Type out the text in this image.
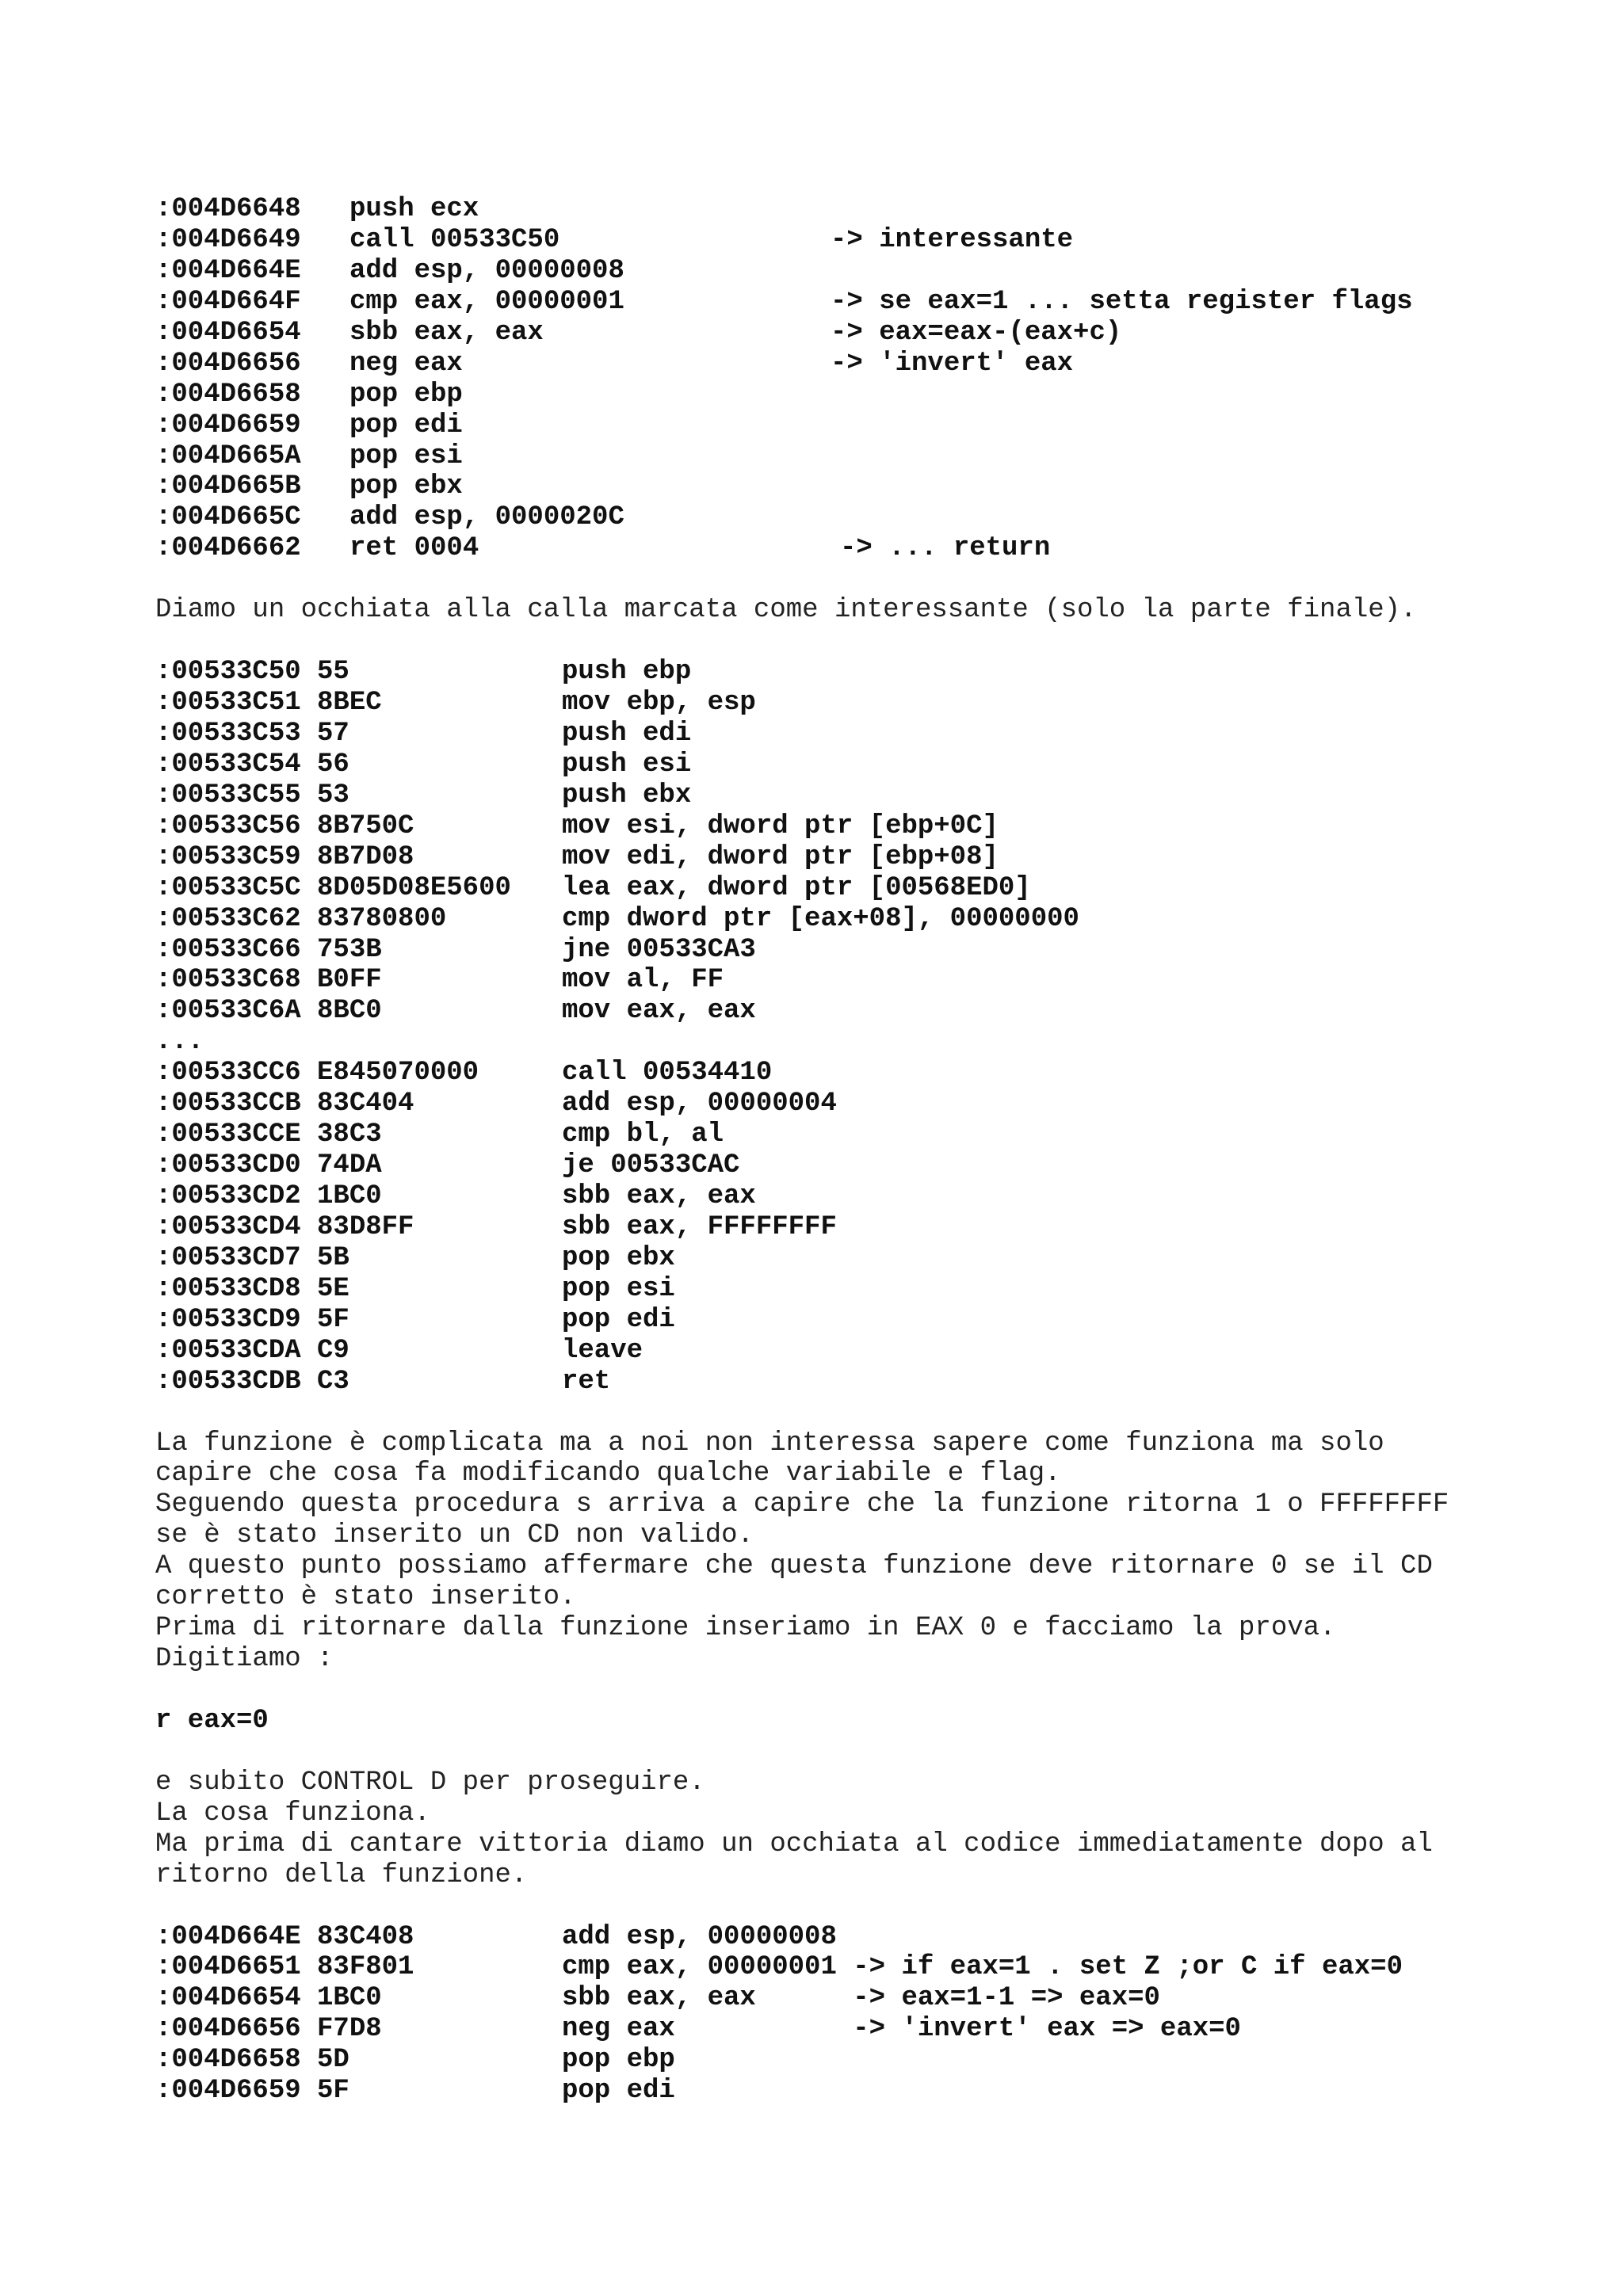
:004D6648 push ecx
:004D6649 call 00533C50	-> interessante
:004D664E add esp, 00000008
:004D664F cmp eax, 00000001	-> se eax=1 ... setta register flags
:004D6654 sbb eax, eax	-> eax=eax-(eax+c)
:004D6656 neg eax	-> 'invert' eax
:004D6658 pop ebp
:004D6659 pop edi
:004D665A pop esi
:004D665B pop ebx
:004D665C add esp, 0000020C
:004D6662 ret 0004	-> ... return
Diamo un occhiata alla calla marcata come interessante (solo la parte finale).
:00533C50 55	push ebp
:00533C51 8BEC	mov ebp, esp
:00533C53 57	push edi
:00533C54 56	push esi
:00533C55 53	push ebx
:00533C56 8B750C	mov esi, dword ptr [ebp+0C]
:00533C59 8B7D08	mov edi, dword ptr [ebp+08]
:00533C5C 8D05D08E5600 lea eax, dword ptr [00568ED0]
:00533C62 83780800	cmp dword ptr [eax+08], 00000000
:00533C66 753B	jne 00533CA3
:00533C68 B0FF	mov al, FF
:00533C6A 8BC0	mov eax, eax
...
:00533CC6 E845070000	call 00534410
:00533CCB 83C404	add esp, 00000004
:00533CCE 38C3	cmp bl, al
:00533CD0 74DA	je 00533CAC
:00533CD2 1BC0	sbb eax, eax
:00533CD4 83D8FF	sbb eax, FFFFFFFF
:00533CD7 5B	pop ebx
:00533CD8 5E	pop esi
:00533CD9 5F	pop edi
:00533CDA C9	leave
:00533CDB C3	ret
La funzione è complicata ma a noi non interessa sapere come funziona ma solo
capire che cosa fa modificando qualche variabile e flag.
Seguendo questa procedura s arriva a capire che la funzione ritorna 1 o FFFFFFFF
se è stato inserito un CD non valido.
A questo punto possiamo affermare che questa funzione deve ritornare 0 se il CD
corretto è stato inserito.
Prima di ritornare dalla funzione inseriamo in EAX 0 e facciamo la prova.
Digitiamo :
r eax=0
e subito CONTROL D per proseguire.
La cosa funziona.
Ma prima di cantare vittoria diamo un occhiata al codice immediatamente dopo al
ritorno della funzione.
:004D664E 83C408	add esp, 00000008
:004D6651 83F801	cmp eax, 00000001 -> if eax=1 . set Z ;or C if eax=0
:004D6654 1BC0	sbb eax, eax      -> eax=1-1 => eax=0
:004D6656 F7D8	neg eax           -> 'invert' eax => eax=0
:004D6658 5D	pop ebp
:004D6659 5F	pop edi
